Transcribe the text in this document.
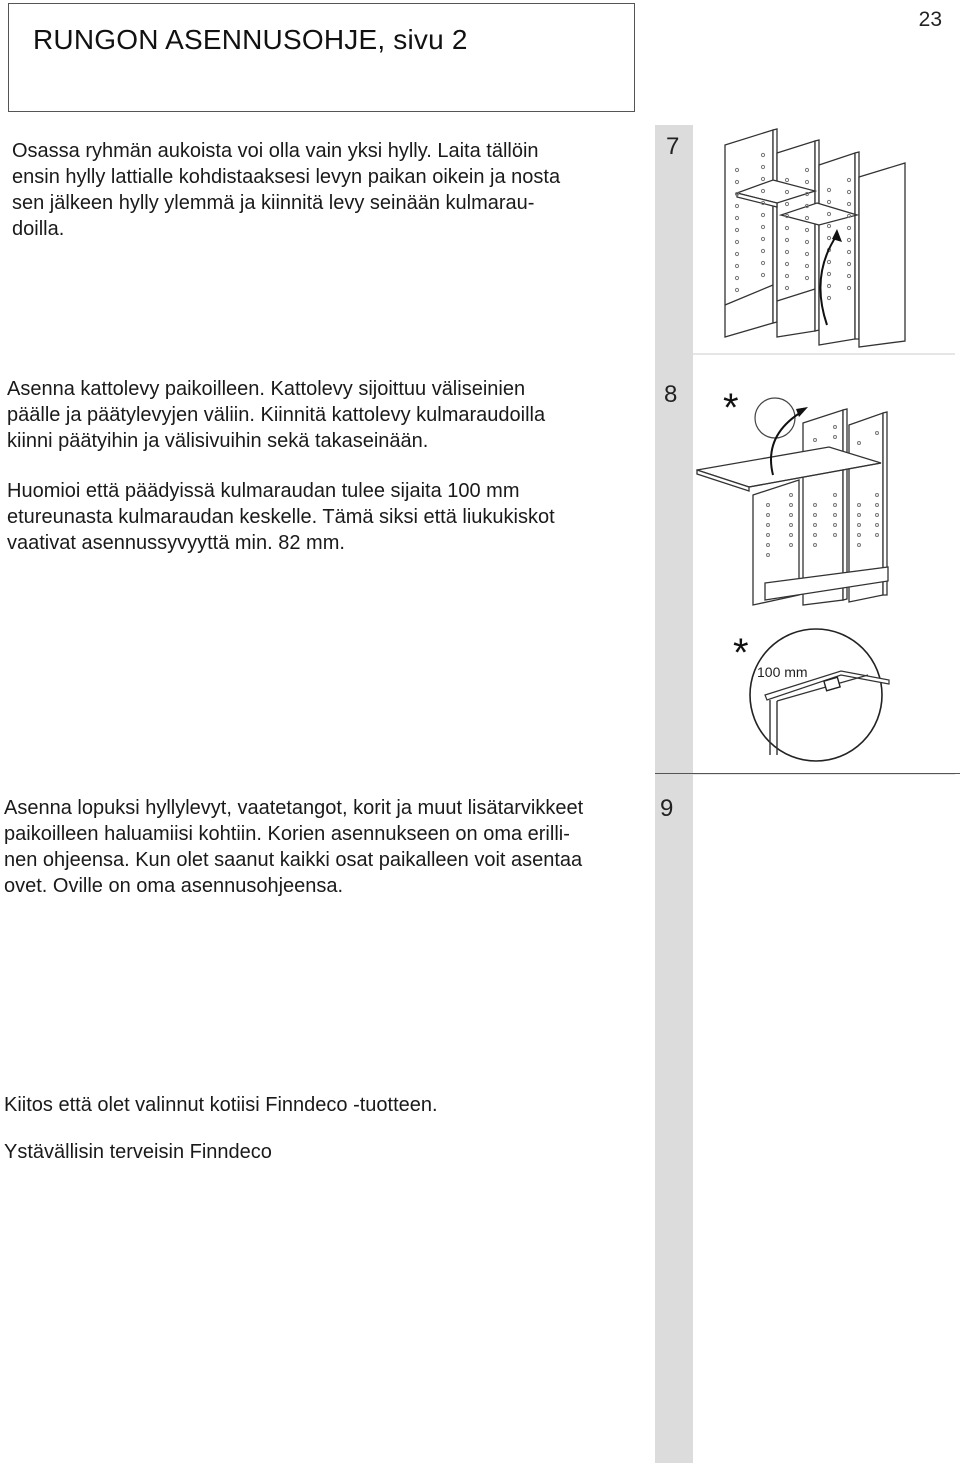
RUNGON ASENNUSOHJE, sivu 2
23
7
Osassa ryhmän aukoista voi olla vain yksi hylly. Laita tällöin
ensin hylly lattialle kohdistaaksesi levyn paikan oikein ja nosta
sen jälkeen hylly ylemmä ja kiinnitä levy seinään kulmarau-
doilla.
8
Asenna kattolevy paikoilleen. Kattolevy sijoittuu väliseinien
päälle ja päätylevyjen väliin. Kiinnitä kattolevy kulmaraudoilla
kiinni päätyihin ja välisivuihin sekä takaseinään.
Huomioi että päädyissä kulmaraudan tulee sijaita 100 mm
etureunasta kulmaraudan keskelle. Tämä siksi että liukukiskot
vaativat asennussyvyyttä min. 82 mm.
*
* 100 mm
9
Asenna lopuksi hyllylevyt, vaatetangot, korit ja muut lisätarvikkeet
paikoilleen haluamiisi kohtiin. Korien asennukseen on oma erilli-
nen ohjeensa. Kun olet saanut kaikki osat paikalleen voit asentaa
ovet. Oville on oma asennusohjeensa.
Kiitos että olet valinnut kotiisi Finndeco -tuotteen.
Ystävällisin terveisin Finndeco
